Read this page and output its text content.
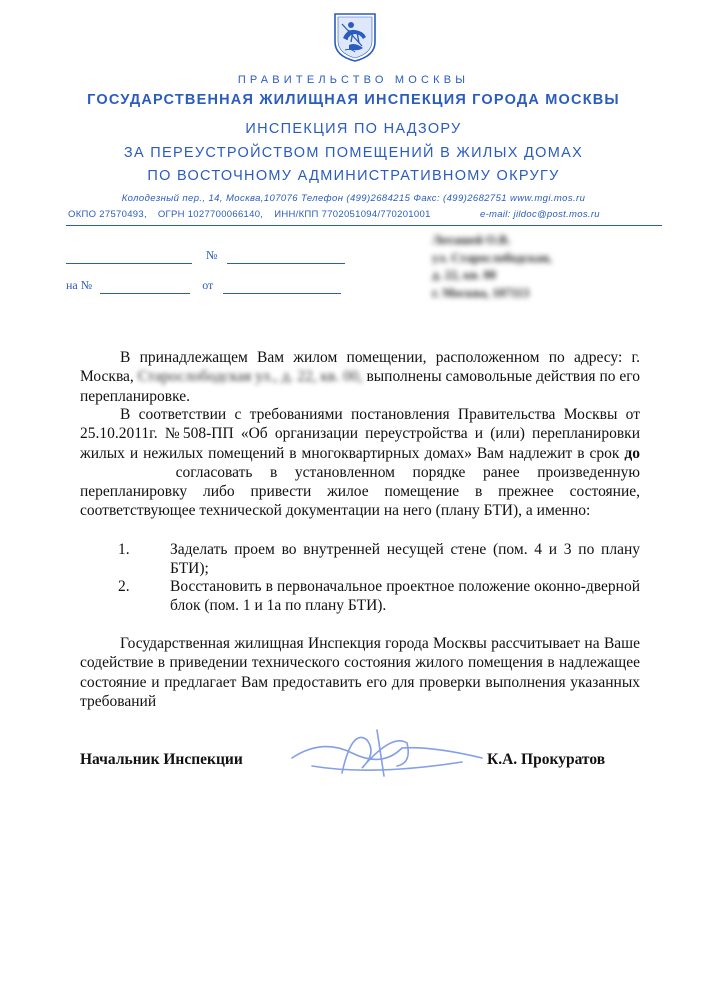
ПРАВИТЕЛЬСТВО МОСКВЫ
ГОСУДАРСТВЕННАЯ ЖИЛИЩНАЯ ИНСПЕКЦИЯ ГОРОДА МОСКВЫ
ИНСПЕКЦИЯ ПО НАДЗОРУ
ЗА ПЕРЕУСТРОЙСТВОМ ПОМЕЩЕНИЙ В ЖИЛЫХ ДОМАХ
ПО ВОСТОЧНОМУ АДМИНИСТРАТИВНОМУ ОКРУГУ
Колодезный пер., 14, Москва,107076 Телефон (499)2684215 Факс: (499)2682751 www.mgi.mos.ru
ОКПО 27570493, ОГРН 1027700066140, ИНН/КПП 7702051094/770201001	e-mail: jildoc@post.mos.ru
№
на №	от
Лоташей О.В.
ул. Старослободская,
д. 22, кв. 00
г. Москва, 107113
В принадлежащем Вам жилом помещении, расположенном по адресу: г. Москва, Старослободская ул., д. 22, кв. 00, выполнены самовольные действия по его перепланировке.
В соответствии с требованиями постановления Правительства Москвы от 25.10.2011г. №508-ПП «Об организации переустройства и (или) перепланировки жилых и нежилых помещений в многоквартирных домах» Вам надлежит в срок до  согласовать в установленном порядке ранее произведенную перепланировку либо привести жилое помещение в прежнее состояние, соответствующее технической документации на него (плану БТИ), а именно:
1.	Заделать проем во внутренней несущей стене (пом. 4 и 3 по плану БТИ);
2.	Восстановить в первоначальное проектное положение оконно-дверной блок (пом. 1 и 1а по плану БТИ).
Государственная жилищная Инспекция города Москвы рассчитывает на Ваше содействие в приведении технического состояния жилого помещения в надлежащее состояние и предлагает Вам предоставить его для проверки выполнения указанных требований
Начальник Инспекции	К.А. Прокуратов
